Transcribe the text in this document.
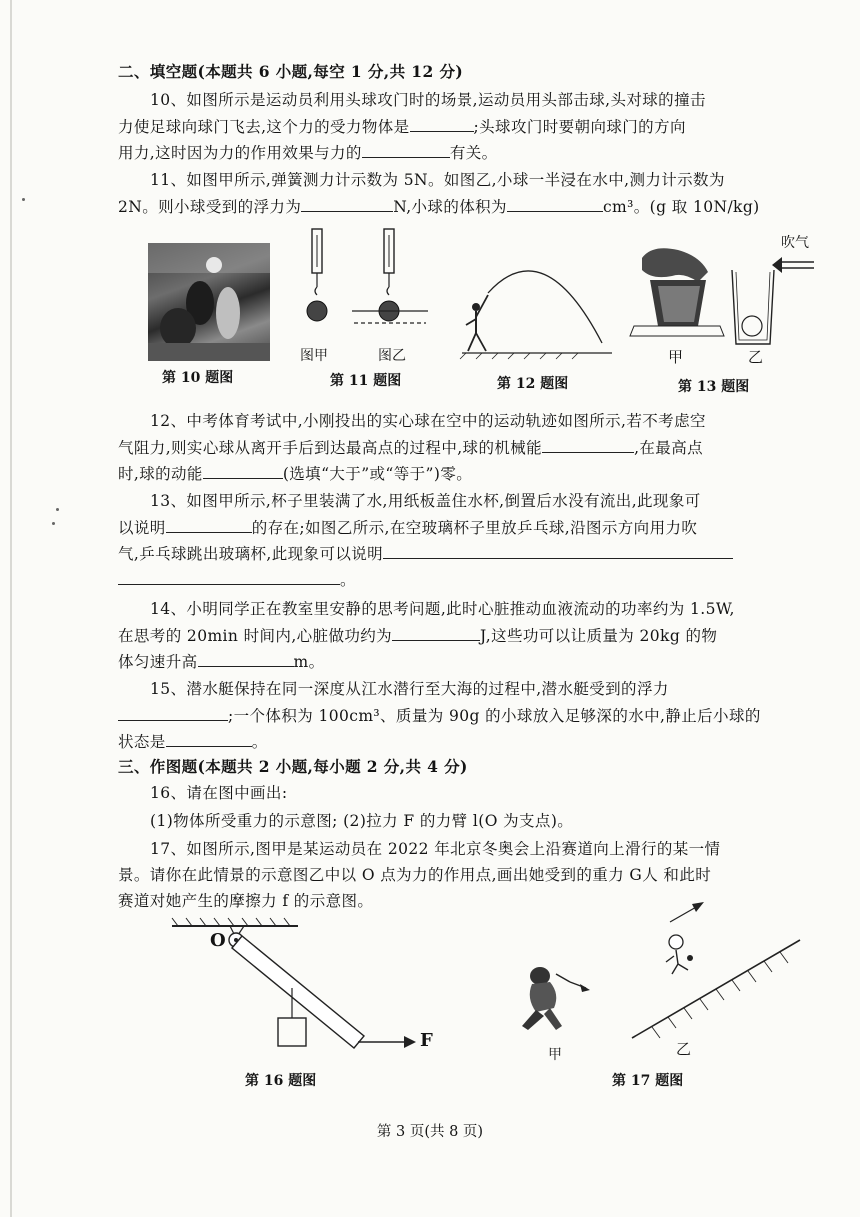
二、填空题(本题共 6 小题,每空 1 分,共 12 分)
10、如图所示是运动员利用头球攻门时的场景,运动员用头部击球,头对球的撞击
力使足球向球门飞去,这个力的受力物体是	;头球攻门时要朝向球门的方向
用力,这时因为力的作用效果与力的	有关。
11、如图甲所示,弹簧测力计示数为 5N。如图乙,小球一半浸在水中,测力计示数为
2N。则小球受到的浮力为	N,小球的体积为	cm³。(g 取 10N/kg)
第 10 题图
图甲	图乙
第 11 题图	第 12 题图
吹气
甲	乙
第 13 题图
12、中考体育考试中,小刚投出的实心球在空中的运动轨迹如图所示,若不考虑空
气阻力,则实心球从离开手后到达最高点的过程中,球的机械能	,在最高点
时,球的动能	(选填“大于”或“等于”)零。
13、如图甲所示,杯子里装满了水,用纸板盖住水杯,倒置后水没有流出,此现象可
以说明	的存在;如图乙所示,在空玻璃杯子里放乒乓球,沿图示方向用力吹
气,乒乓球跳出玻璃杯,此现象可以说明
。
14、小明同学正在教室里安静的思考问题,此时心脏推动血液流动的功率约为 1.5W,
在思考的 20min 时间内,心脏做功约为	J,这些功可以让质量为 20kg 的物
体匀速升高	m。
15、潜水艇保持在同一深度从江水潜行至大海的过程中,潜水艇受到的浮力
;一个体积为 100cm³、质量为 90g 的小球放入足够深的水中,静止后小球的
状态是	。
三、作图题(本题共 2 小题,每小题 2 分,共 4 分)
16、请在图中画出:
(1)物体所受重力的示意图; (2)拉力 F 的力臂 l(O 为支点)。
17、如图所示,图甲是某运动员在 2022 年北京冬奥会上沿赛道向上滑行的某一情
景。请你在此情景的示意图乙中以 O 点为力的作用点,画出她受到的重力 G人 和此时
赛道对她产生的摩擦力 f 的示意图。
O
F
第 16 题图
甲	乙
第 17 题图
第 3 页(共 8 页)
